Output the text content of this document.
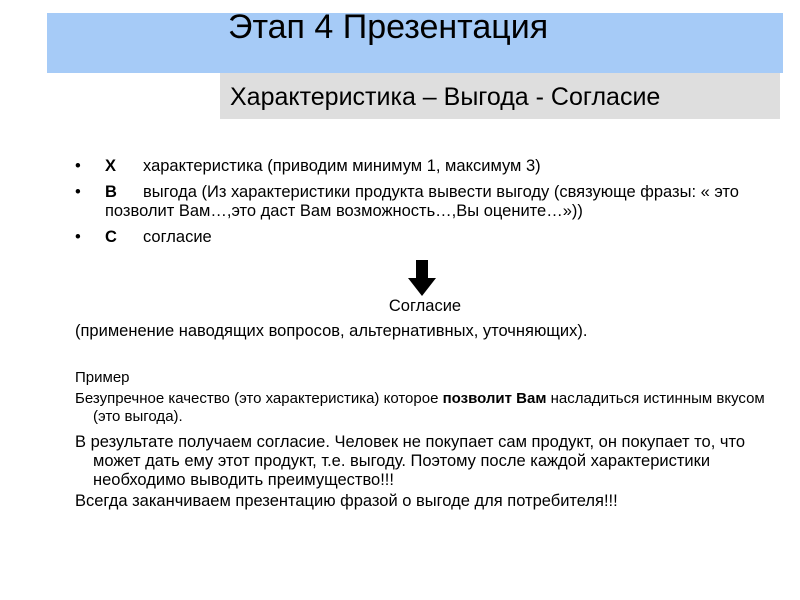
Этап 4 Презентация
Характеристика – Выгода - Согласие
• Х характеристика (приводим минимум 1, максимум 3)
• В выгода (Из характеристики продукта вывести выгоду (связующе фразы: « это позволит Вам…,это даст Вам возможность…,Вы оцените…»))
• С согласие
Согласие

(применение наводящих вопросов, альтернативных, уточняющих).

Пример

Безупречное качество (это характеристика) которое позволит Вам насладиться истинным вкусом (это выгода).

В результате получаем согласие. Человек не покупает сам продукт, он покупает то, что может дать ему этот продукт, т.е. выгоду. Поэтому после каждой характеристики необходимо выводить преимущество!!!

Всегда заканчиваем презентацию фразой о выгоде для потребителя!!!
